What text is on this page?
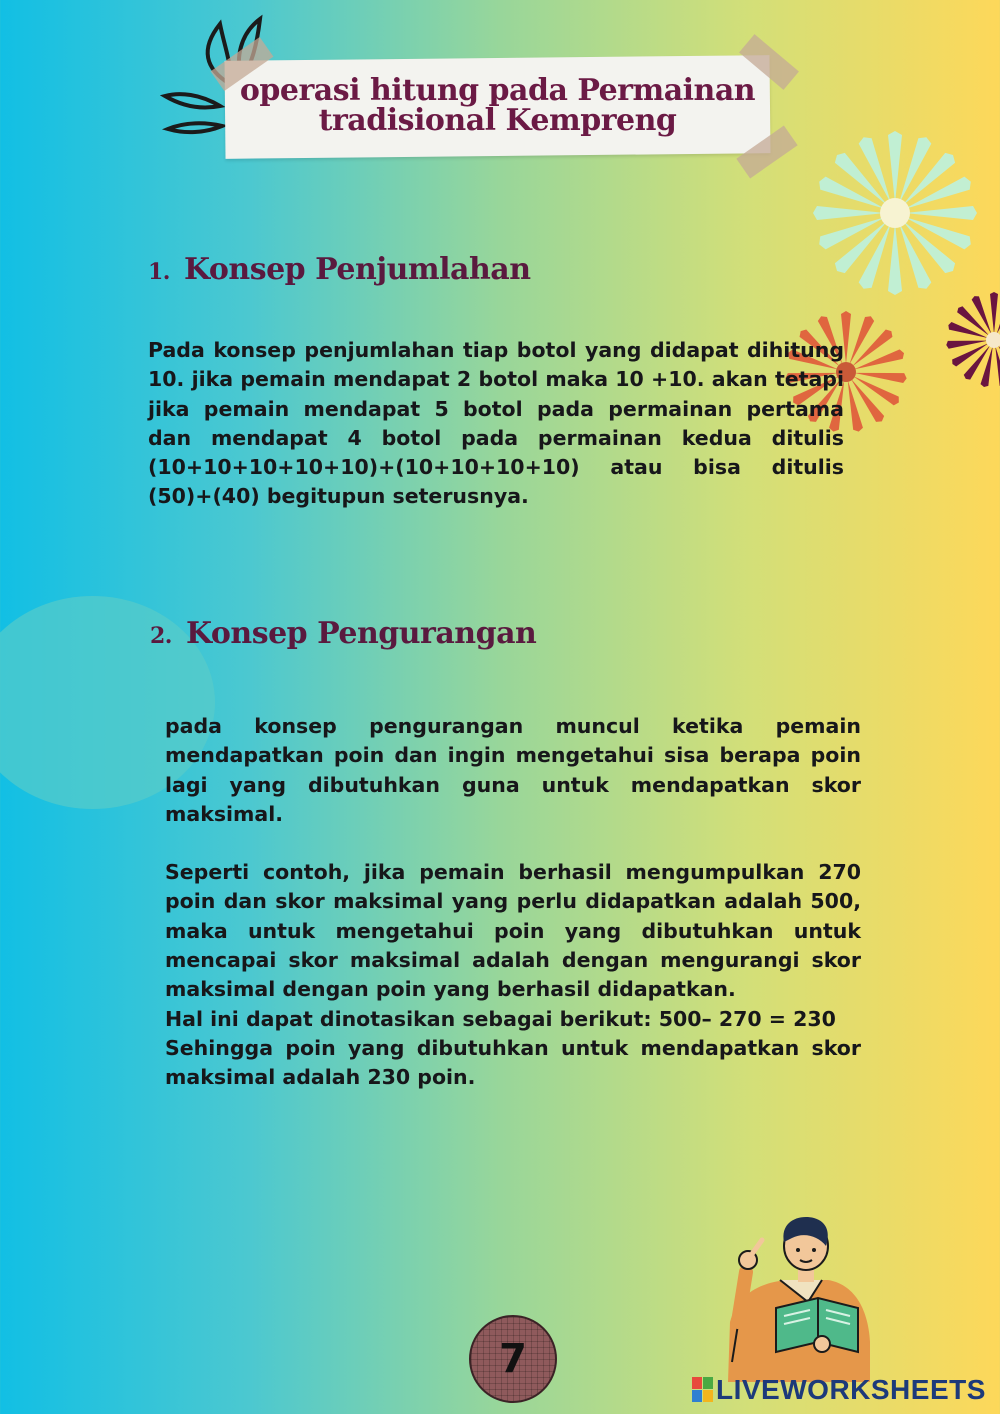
operasi hitung pada Permainan
tradisional Kempreng
1. Konsep Penjumlahan

Pada konsep penjumlahan tiap botol yang didapat dihitung 10. jika pemain mendapat 2 botol maka 10 +10. akan tetapi jika pemain mendapat 5 botol pada permainan pertama dan mendapat 4 botol pada permainan kedua ditulis (10+10+10+10+10)+(10+10+10+10) atau bisa ditulis (50)+(40) begitupun seterusnya.

2. Konsep Pengurangan

pada konsep pengurangan muncul ketika pemain mendapatkan poin dan ingin mengetahui sisa berapa poin lagi yang dibutuhkan guna untuk mendapatkan skor maksimal.

Seperti contoh, jika pemain berhasil mengumpulkan 270 poin dan skor maksimal yang perlu didapatkan adalah 500, maka untuk mengetahui poin yang dibutuhkan untuk mencapai skor maksimal adalah dengan mengurangi skor maksimal dengan poin yang berhasil didapatkan.

Hal ini dapat dinotasikan sebagai berikut: 500– 270 = 230

Sehingga poin yang dibutuhkan untuk mendapatkan skor maksimal adalah 230 poin.

7
LIVEWORKSHEETS
